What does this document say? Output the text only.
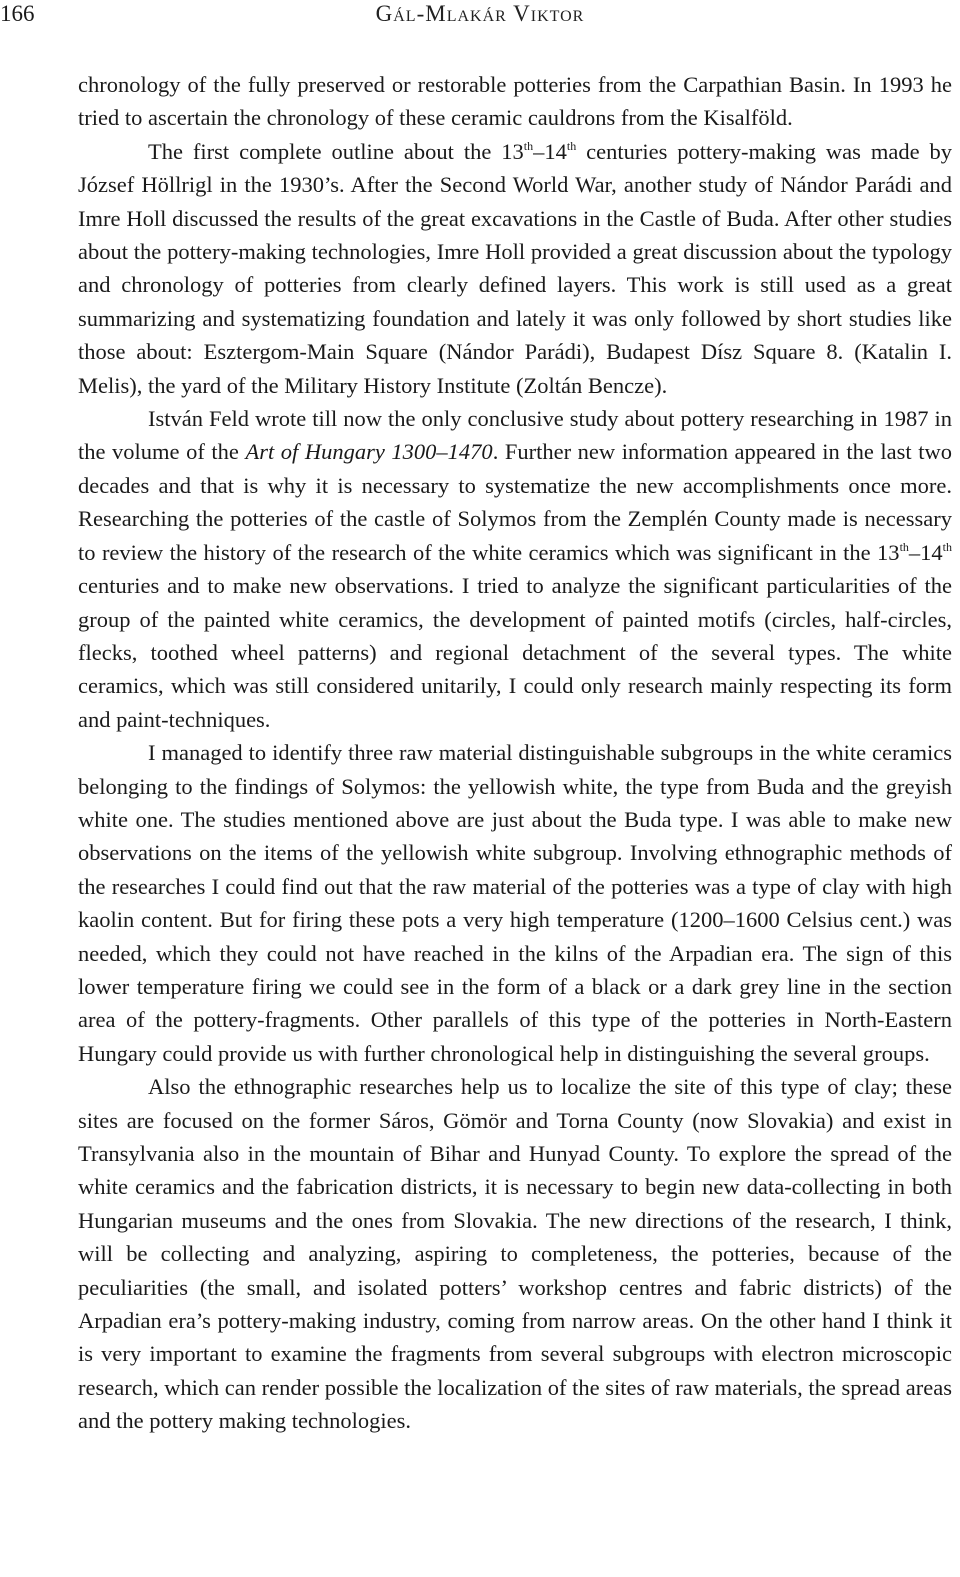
166	Gál-Mlakár Viktor

chronology of the fully preserved or restorable potteries from the Carpathian Basin. In 1993 he tried to ascertain the chronology of these ceramic cauldrons from the Kisalföld.

The first complete outline about the 13th–14th centuries pottery-making was made by József Höllrigl in the 1930’s. After the Second World War, another study of Nándor Parádi and Imre Holl discussed the results of the great excavations in the Castle of Buda. After other studies about the pottery-making technologies, Imre Holl provided a great discussion about the typology and chronology of potteries from clearly defined layers. This work is still used as a great summarizing and systematizing foundation and lately it was only followed by short studies like those about: Esztergom-Main Square (Nándor Parádi), Budapest Dísz Square 8. (Katalin I. Melis), the yard of the Military History Institute (Zoltán Bencze).

István Feld wrote till now the only conclusive study about pottery researching in 1987 in the volume of the Art of Hungary 1300–1470. Further new information appeared in the last two decades and that is why it is necessary to systematize the new accomplishments once more. Researching the potteries of the castle of Solymos from the Zemplén County made is necessary to review the history of the research of the white ceramics which was significant in the 13th–14th centuries and to make new observations. I tried to analyze the significant particularities of the group of the painted white ceramics, the development of painted motifs (circles, half-circles, flecks, toothed wheel patterns) and regional detachment of the several types. The white ceramics, which was still considered unitarily, I could only research mainly respecting its form and paint-techniques.

I managed to identify three raw material distinguishable subgroups in the white ceramics belonging to the findings of Solymos: the yellowish white, the type from Buda and the greyish white one. The studies mentioned above are just about the Buda type. I was able to make new observations on the items of the yellowish white subgroup. Involving ethnographic methods of the researches I could find out that the raw material of the potteries was a type of clay with high kaolin content. But for firing these pots a very high temperature (1200–1600 Celsius cent.) was needed, which they could not have reached in the kilns of the Arpadian era. The sign of this lower temperature firing we could see in the form of a black or a dark grey line in the section area of the pottery-fragments. Other parallels of this type of the potteries in North-Eastern Hungary could provide us with further chronological help in distinguishing the several groups.

Also the ethnographic researches help us to localize the site of this type of clay; these sites are focused on the former Sáros, Gömör and Torna County (now Slovakia) and exist in Transylvania also in the mountain of Bihar and Hunyad County. To explore the spread of the white ceramics and the fabrication districts, it is necessary to begin new data-collecting in both Hungarian museums and the ones from Slovakia. The new directions of the research, I think, will be collecting and analyzing, aspiring to completeness, the potteries, because of the peculiarities (the small, and isolated potters’ workshop centres and fabric districts) of the Arpadian era’s pottery-making industry, coming from narrow areas. On the other hand I think it is very important to examine the fragments from several subgroups with electron microscopic research, which can render possible the localization of the sites of raw materials, the spread areas and the pottery making technologies.
